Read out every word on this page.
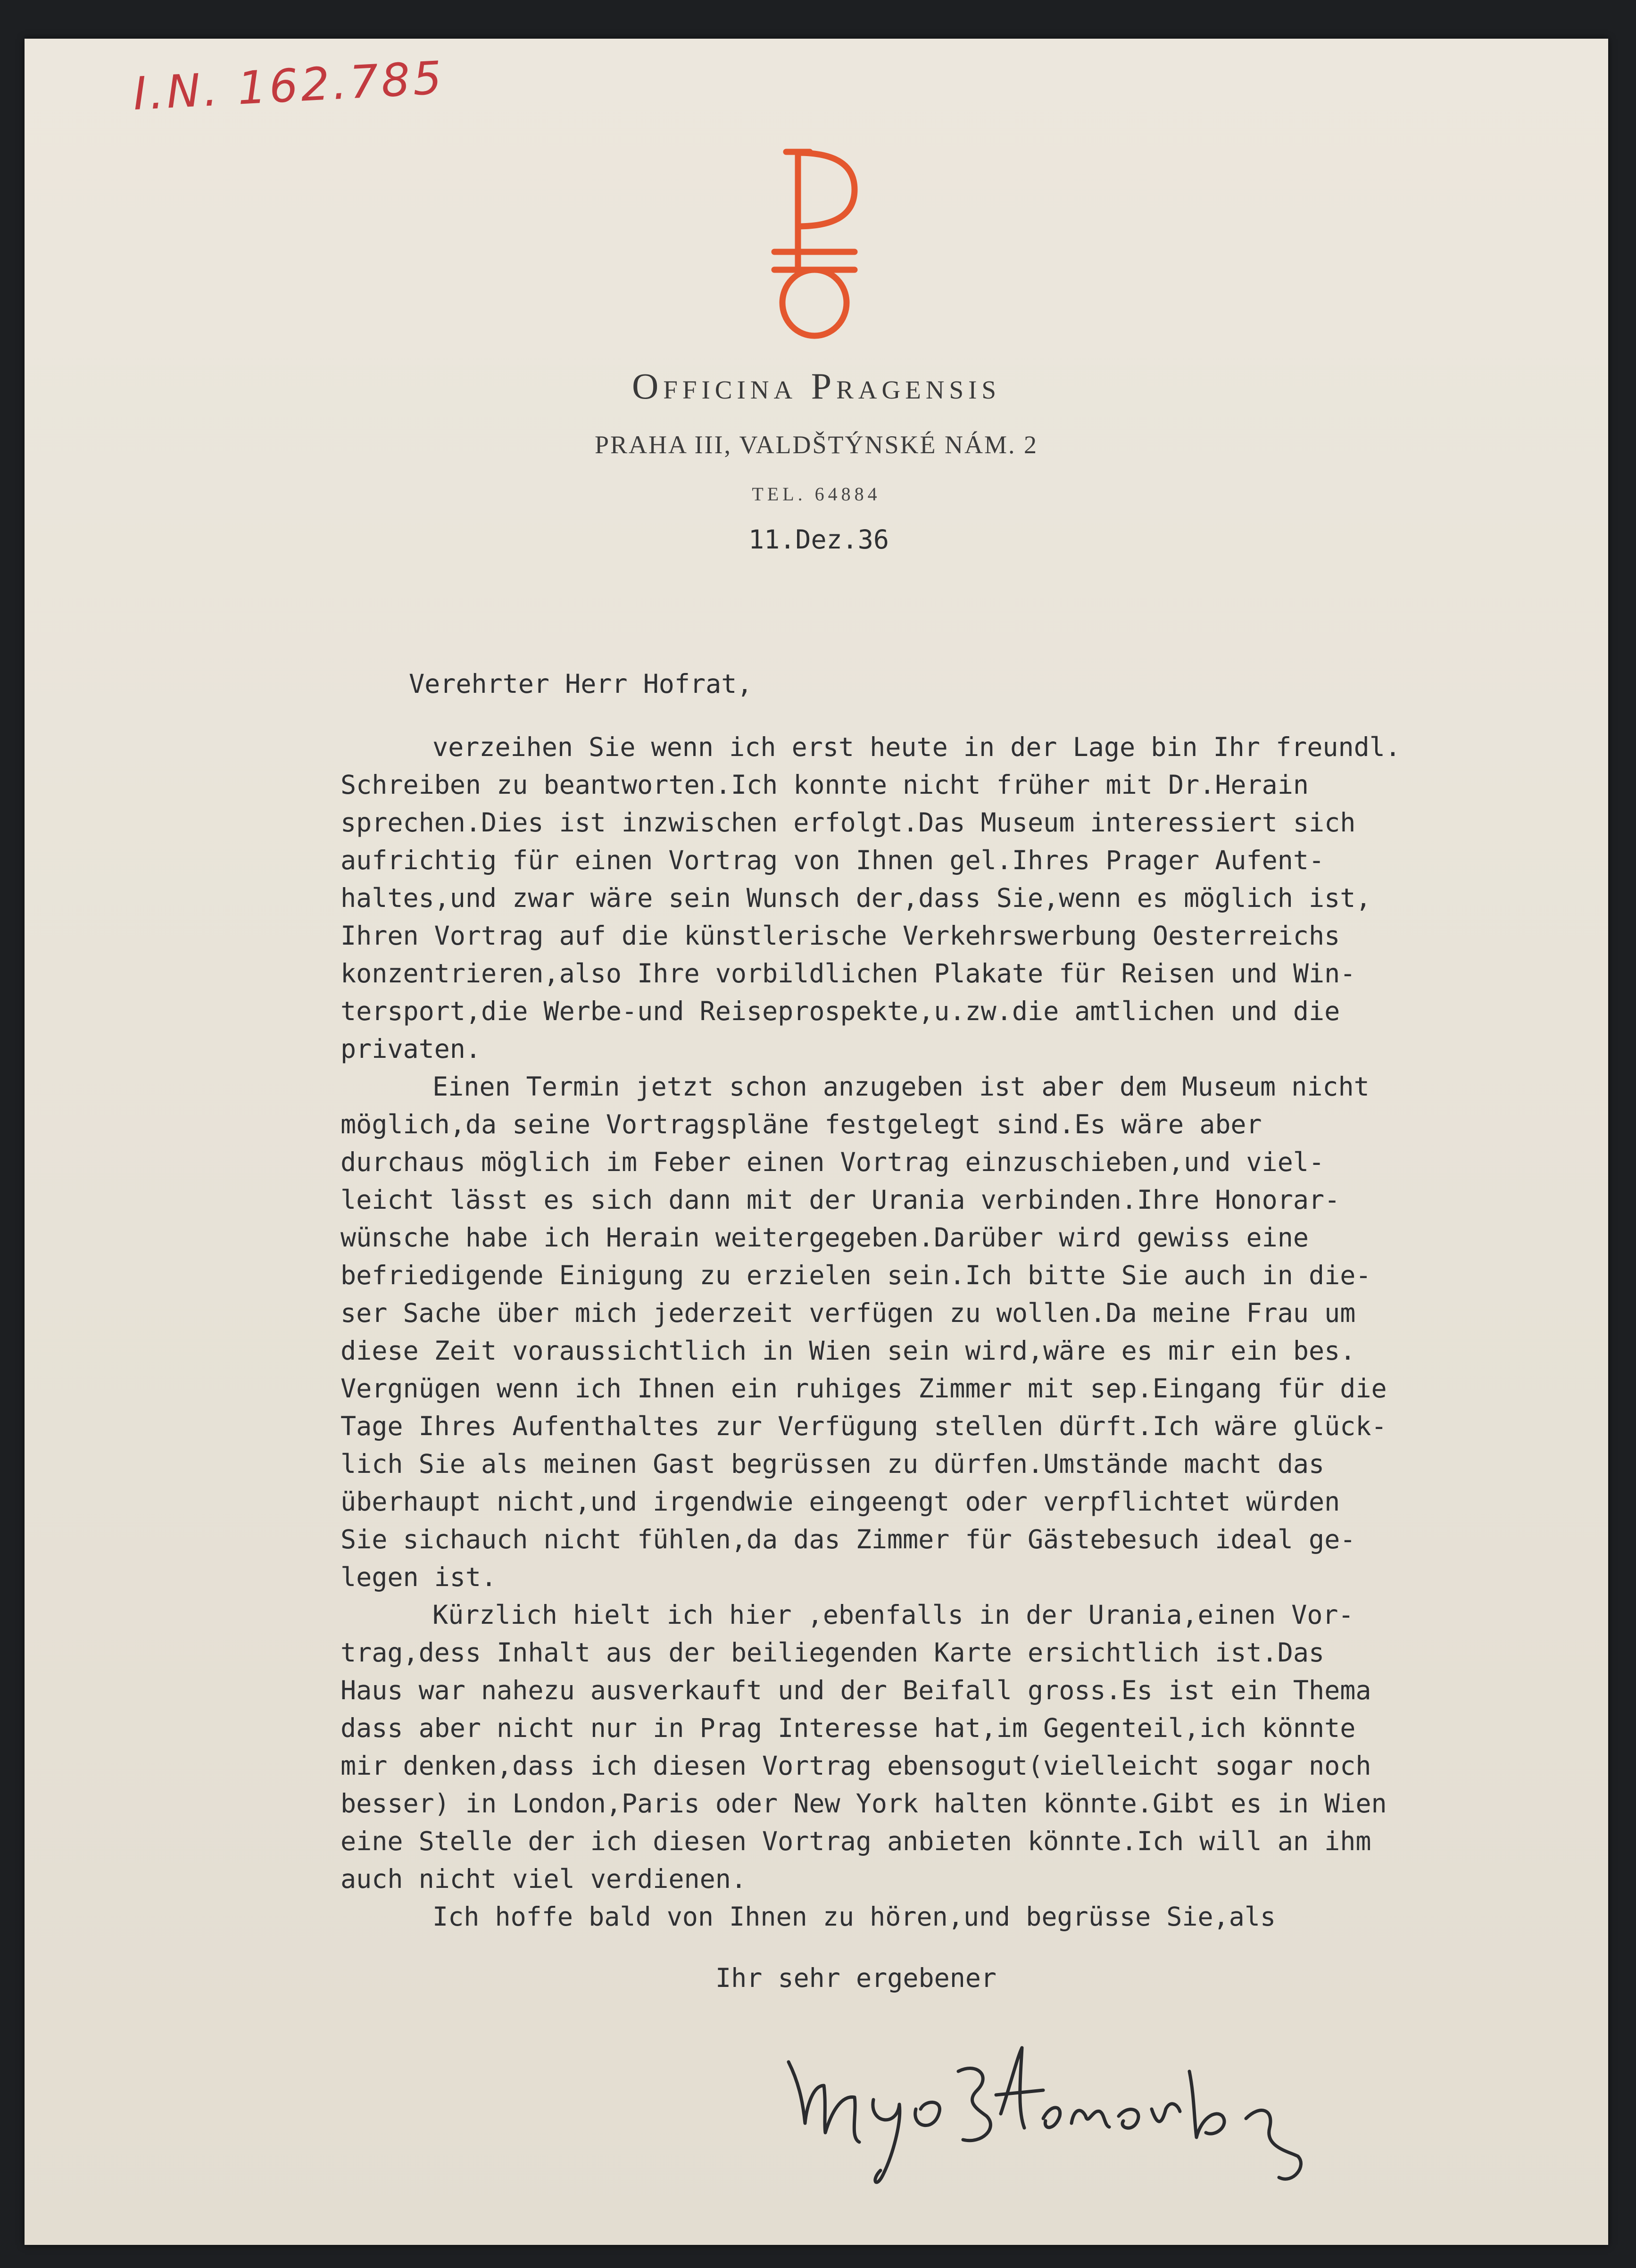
I.N. 162.785
Officina Pragensis
PRAHA III, VALDŠTÝNSKÉ NÁM. 2
TEL. 64884
11.Dez.36
Verehrter Herr Hofrat,
verzeihen Sie wenn ich erst heute in der Lage bin Ihr freundl.
Schreiben zu beantworten.Ich konnte nicht früher mit Dr.Herain
sprechen.Dies ist inzwischen erfolgt.Das Museum interessiert sich
aufrichtig für einen Vortrag von Ihnen gel.Ihres Prager Aufent-
haltes,und zwar wäre sein Wunsch der,dass Sie,wenn es möglich ist,
Ihren Vortrag auf die künstlerische Verkehrswerbung Oesterreichs
konzentrieren,also Ihre vorbildlichen Plakate für Reisen und Win-
tersport,die Werbe-und Reiseprospekte,u.zw.die amtlichen und die
privaten.
Einen Termin jetzt schon anzugeben ist aber dem Museum nicht
möglich,da seine Vortragspläne festgelegt sind.Es wäre aber
durchaus möglich im Feber einen Vortrag einzuschieben,und viel-
leicht lässt es sich dann mit der Urania verbinden.Ihre Honorar-
wünsche habe ich Herain weitergegeben.Darüber wird gewiss eine
befriedigende Einigung zu erzielen sein.Ich bitte Sie auch in die-
ser Sache über mich jederzeit verfügen zu wollen.Da meine Frau um
diese Zeit voraussichtlich in Wien sein wird,wäre es mir ein bes.
Vergnügen wenn ich Ihnen ein ruhiges Zimmer mit sep.Eingang für die
Tage Ihres Aufenthaltes zur Verfügung stellen dürft.Ich wäre glück-
lich Sie als meinen Gast begrüssen zu dürfen.Umstände macht das
überhaupt nicht,und irgendwie eingeengt oder verpflichtet würden
Sie sichauch nicht fühlen,da das Zimmer für Gästebesuch ideal ge-
legen ist.
Kürzlich hielt ich hier ,ebenfalls in der Urania,einen Vor-
trag,dess Inhalt aus der beiliegenden Karte ersichtlich ist.Das
Haus war nahezu ausverkauft und der Beifall gross.Es ist ein Thema
dass aber nicht nur in Prag Interesse hat,im Gegenteil,ich könnte
mir denken,dass ich diesen Vortrag ebensogut(vielleicht sogar noch
besser) in London,Paris oder New York halten könnte.Gibt es in Wien
eine Stelle der ich diesen Vortrag anbieten könnte.Ich will an ihm
auch nicht viel verdienen.
Ich hoffe bald von Ihnen zu hören,und begrüsse Sie,als
Ihr sehr ergebener
